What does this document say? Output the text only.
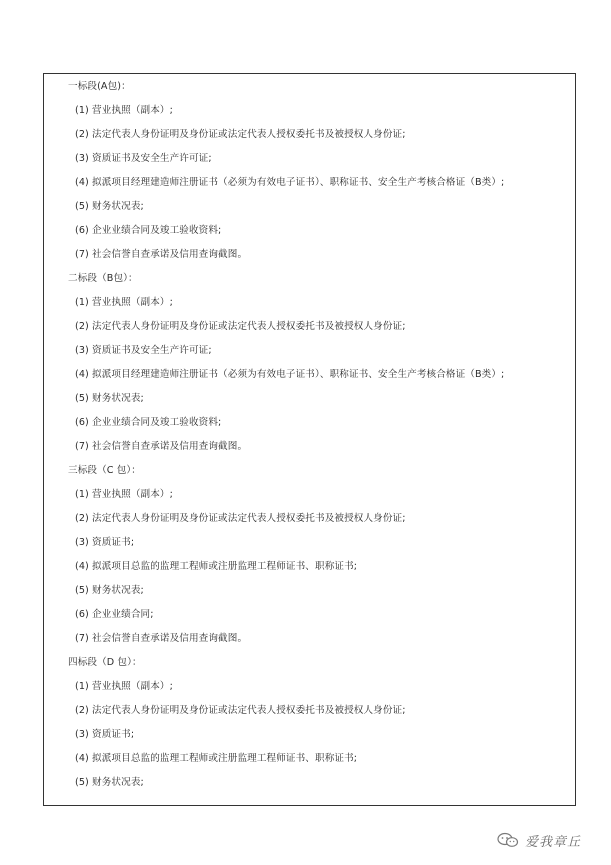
一标段(A包)：
(1) 营业执照（副本）;
(2) 法定代表人身份证明及身份证或法定代表人授权委托书及被授权人身份证;
(3) 资质证书及安全生产许可证;
(4) 拟派项目经理建造师注册证书（必须为有效电子证书）、职称证书、安全生产考核合格证（B类）;
(5) 财务状况表;
(6) 企业业绩合同及竣工验收资料;
(7) 社会信誉自查承诺及信用查询截图。
二标段（B包）：
(1) 营业执照（副本）;
(2) 法定代表人身份证明及身份证或法定代表人授权委托书及被授权人身份证;
(3) 资质证书及安全生产许可证;
(4) 拟派项目经理建造师注册证书（必须为有效电子证书）、职称证书、安全生产考核合格证（B类）;
(5) 财务状况表;
(6) 企业业绩合同及竣工验收资料;
(7) 社会信誉自查承诺及信用查询截图。
三标段（C 包）：
(1) 营业执照（副本）;
(2) 法定代表人身份证明及身份证或法定代表人授权委托书及被授权人身份证;
(3) 资质证书;
(4) 拟派项目总监的监理工程师或注册监理工程师证书、职称证书;
(5) 财务状况表;
(6) 企业业绩合同;
(7) 社会信誉自查承诺及信用查询截图。
四标段（D 包）：
(1) 营业执照（副本）;
(2) 法定代表人身份证明及身份证或法定代表人授权委托书及被授权人身份证;
(3) 资质证书;
(4) 拟派项目总监的监理工程师或注册监理工程师证书、职称证书;
(5) 财务状况表;
爱我章丘
